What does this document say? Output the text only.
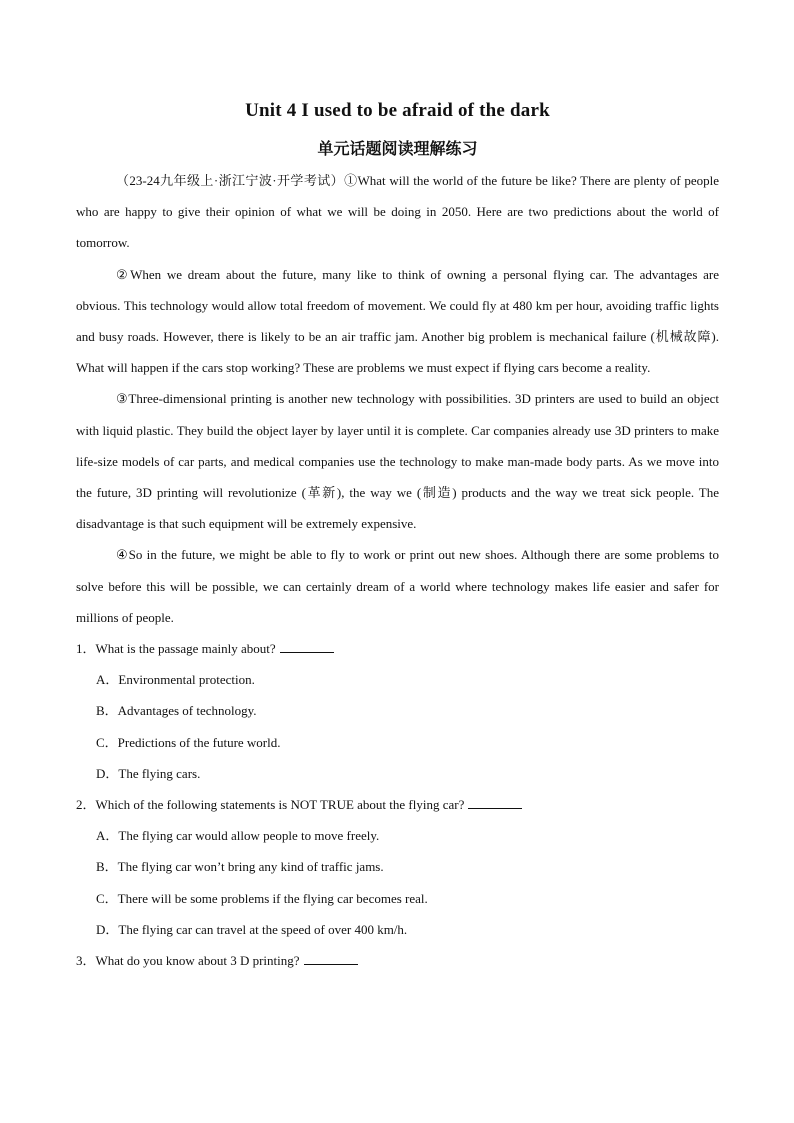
Unit 4 I used to be afraid of the dark
单元话题阅读理解练习

（23-24九年级上·浙江宁波·开学考试）①What will the world of the future be like? There are plenty of people who are happy to give their opinion of what we will be doing in 2050. Here are two predictions about the world of tomorrow.

②When we dream about the future, many like to think of owning a personal flying car. The advantages are obvious. This technology would allow total freedom of movement. We could fly at 480 km per hour, avoiding traffic lights and busy roads. However, there is likely to be an air traffic jam. Another big problem is mechanical failure (机械故障). What will happen if the cars stop working? These are problems we must expect if flying cars become a reality.

③Three-dimensional printing is another new technology with possibilities. 3D printers are used to build an object with liquid plastic. They build the object layer by layer until it is complete. Car companies already use 3D printers to make life-size models of car parts, and medical companies use the technology to make man-made body parts. As we move into the future, 3D printing will revolutionize (革新), the way we (制造) products and the way we treat sick people. The disadvantage is that such equipment will be extremely expensive.

④So in the future, we might be able to fly to work or print out new shoes. Although there are some problems to solve before this will be possible, we can certainly dream of a world where technology makes life easier and safer for millions of people.

1．What is the passage mainly about?

A．Environmental protection.

B．Advantages of technology.

C．Predictions of the future world.

D．The flying cars.

2．Which of the following statements is NOT TRUE about the flying car?

A．The flying car would allow people to move freely.

B．The flying car won’t bring any kind of traffic jams.

C．There will be some problems if the flying car becomes real.

D．The flying car can travel at the speed of over 400 km/h.

3．What do you know about 3 D printing?
